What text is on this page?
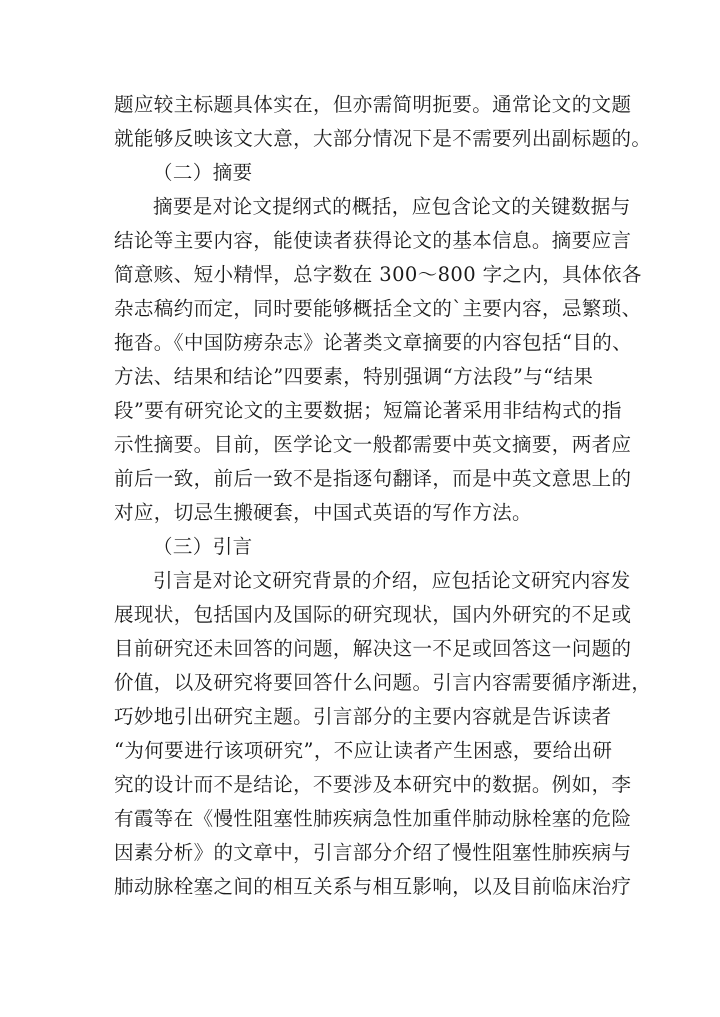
题应较主标题具体实在，但亦需简明扼要。通常论文的文题
就能够反映该文大意，大部分情况下是不需要列出副标题的。
（二）摘要
摘要是对论文提纲式的概括，应包含论文的关键数据与
结论等主要内容，能使读者获得论文的基本信息。摘要应言
简意赅、短小精悍，总字数在 300～800 字之内，具体依各
杂志稿约而定，同时要能够概括全文的`主要内容，忌繁琐、
拖沓。《中国防痨杂志》论著类文章摘要的内容包括“目的、
方法、结果和结论”四要素，特别强调“方法段”与“结果
段”要有研究论文的主要数据；短篇论著采用非结构式的指
示性摘要。目前，医学论文一般都需要中英文摘要，两者应
前后一致，前后一致不是指逐句翻译，而是中英文意思上的
对应，切忌生搬硬套，中国式英语的写作方法。
（三）引言
引言是对论文研究背景的介绍，应包括论文研究内容发
展现状，包括国内及国际的研究现状，国内外研究的不足或
目前研究还未回答的问题，解决这一不足或回答这一问题的
价值，以及研究将要回答什么问题。引言内容需要循序渐进，
巧妙地引出研究主题。引言部分的主要内容就是告诉读者
“为何要进行该项研究”，不应让读者产生困惑，要给出研
究的设计而不是结论，不要涉及本研究中的数据。例如，李
有霞等在《慢性阻塞性肺疾病急性加重伴肺动脉栓塞的危险
因素分析》的文章中，引言部分介绍了慢性阻塞性肺疾病与
肺动脉栓塞之间的相互关系与相互影响，以及目前临床治疗
